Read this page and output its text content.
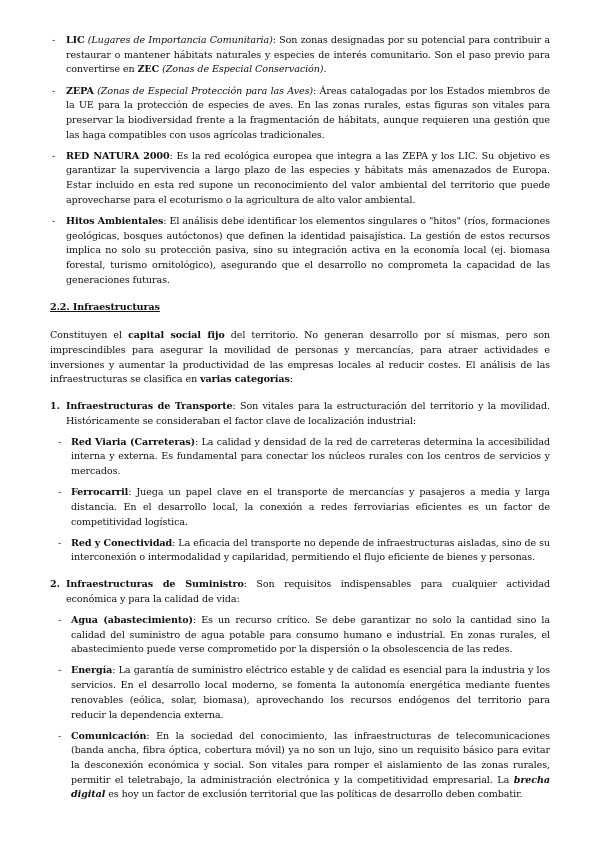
- LIC (Lugares de Importancia Comunitaria): Son zonas designadas por su potencial para contribuir a restaurar o mantener hábitats naturales y especies de interés comunitario. Son el paso previo para convertirse en ZEC (Zonas de Especial Conservación).
- ZEPA (Zonas de Especial Protección para las Aves): Áreas catalogadas por los Estados miembros de la UE para la protección de especies de aves. En las zonas rurales, estas figuras son vitales para preservar la biodiversidad frente a la fragmentación de hábitats, aunque requieren una gestión que las haga compatibles con usos agrícolas tradicionales.
- RED NATURA 2000: Es la red ecológica europea que integra a las ZEPA y los LIC. Su objetivo es garantizar la supervivencia a largo plazo de las especies y hábitats más amenazados de Europa. Estar incluido en esta red supone un reconocimiento del valor ambiental del territorio que puede aprovecharse para el ecoturismo o la agricultura de alto valor ambiental.
- Hitos Ambientales: El análisis debe identificar los elementos singulares o "hitos" (ríos, formaciones geológicas, bosques autóctonos) que definen la identidad paisajística. La gestión de estos recursos implica no solo su protección pasiva, sino su integración activa en la economía local (ej. biomasa forestal, turismo ornitológico), asegurando que el desarrollo no comprometa la capacidad de las generaciones futuras.
2.2. Infraestructuras
Constituyen el capital social fijo del territorio. No generan desarrollo por sí mismas, pero son imprescindibles para asegurar la movilidad de personas y mercancías, para atraer actividades e inversiones y aumentar la productividad de las empresas locales al reducir costes. El análisis de las infraestructuras se clasifica en varias categorías:
1. Infraestructuras de Transporte: Son vitales para la estructuración del territorio y la movilidad. Históricamente se consideraban el factor clave de localización industrial:
- Red Viaria (Carreteras): La calidad y densidad de la red de carreteras determina la accesibilidad interna y externa. Es fundamental para conectar los núcleos rurales con los centros de servicios y mercados.
- Ferrocarril: Juega un papel clave en el transporte de mercancías y pasajeros a media y larga distancia. En el desarrollo local, la conexión a redes ferroviarias eficientes es un factor de competitividad logística.
- Red y Conectividad: La eficacia del transporte no depende de infraestructuras aisladas, sino de su interconexión o intermodalidad y capilaridad, permitiendo el flujo eficiente de bienes y personas.
2. Infraestructuras de Suministro: Son requisitos indispensables para cualquier actividad económica y para la calidad de vida:
- Agua (abastecimiento): Es un recurso crítico. Se debe garantizar no solo la cantidad sino la calidad del suministro de agua potable para consumo humano e industrial. En zonas rurales, el abastecimiento puede verse comprometido por la dispersión o la obsolescencia de las redes.
- Energía: La garantía de suministro eléctrico estable y de calidad es esencial para la industria y los servicios. En el desarrollo local moderno, se fomenta la autonomía energética mediante fuentes renovables (eólica, solar, biomasa), aprovechando los recursos endógenos del territorio para reducir la dependencia externa.
- Comunicación: En la sociedad del conocimiento, las infraestructuras de telecomunicaciones (banda ancha, fibra óptica, cobertura móvil) ya no son un lujo, sino un requisito básico para evitar la desconexión económica y social. Son vitales para romper el aislamiento de las zonas rurales, permitir el teletrabajo, la administración electrónica y la competitividad empresarial. La brecha digital es hoy un factor de exclusión territorial que las políticas de desarrollo deben combatir.
